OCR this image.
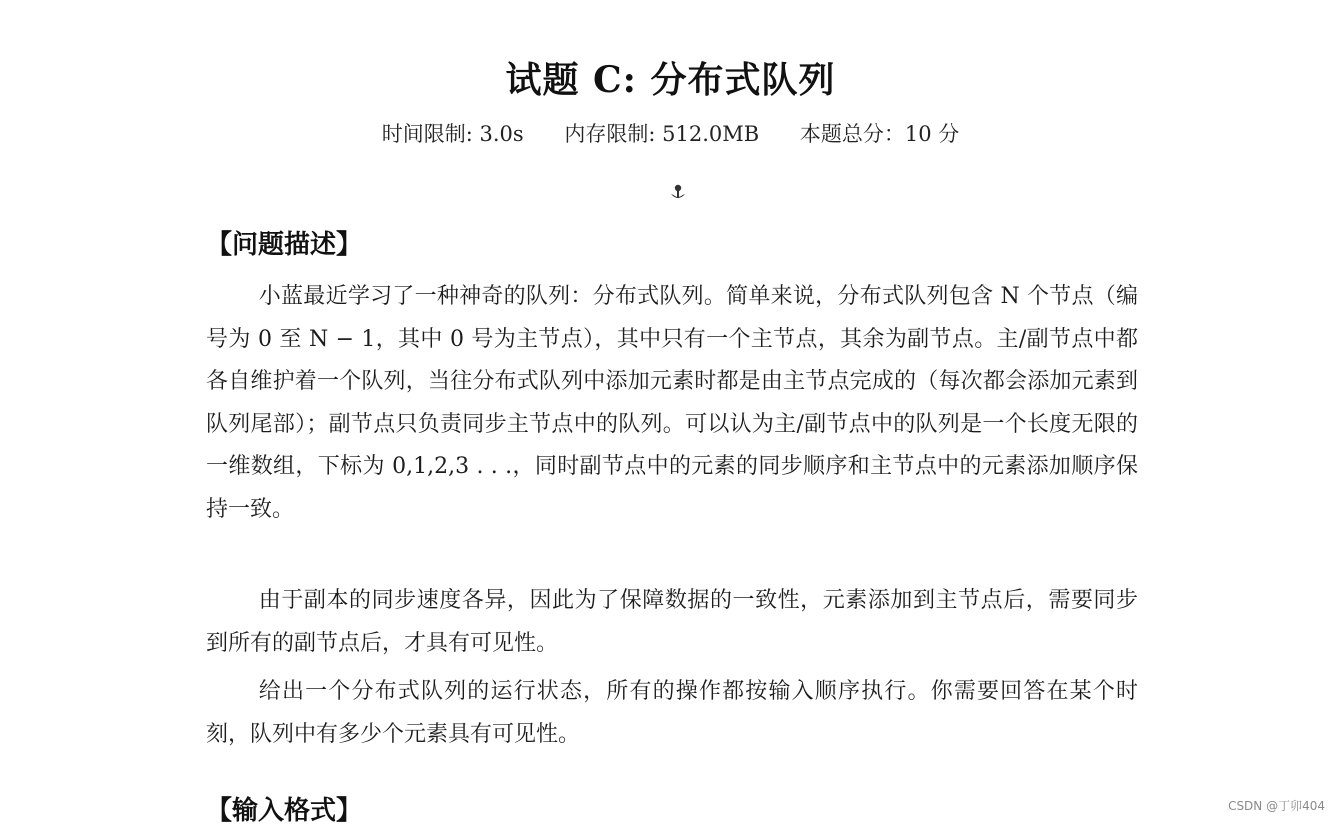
试题 C: 分布式队列
时间限制: 3.0s 内存限制: 512.0MB 本题总分：10 分
【问题描述】

小蓝最近学习了一种神奇的队列：分布式队列。简单来说，分布式队列包含 N 个节点（编号为 0 至 N − 1，其中 0 号为主节点），其中只有一个主节点，其余为副节点。主/副节点中都各自维护着一个队列，当往分布式队列中添加元素时都是由主节点完成的（每次都会添加元素到队列尾部）；副节点只负责同步主节点中的队列。可以认为主/副节点中的队列是一个长度无限的一维数组，下标为 0,1,2,3 . . .，同时副节点中的元素的同步顺序和主节点中的元素添加顺序保持一致。

由于副本的同步速度各异，因此为了保障数据的一致性，元素添加到主节点后，需要同步到所有的副节点后，才具有可见性。

给出一个分布式队列的运行状态，所有的操作都按输入顺序执行。你需要回答在某个时刻，队列中有多少个元素具有可见性。

【输入格式】	CSDN @丁卯404
